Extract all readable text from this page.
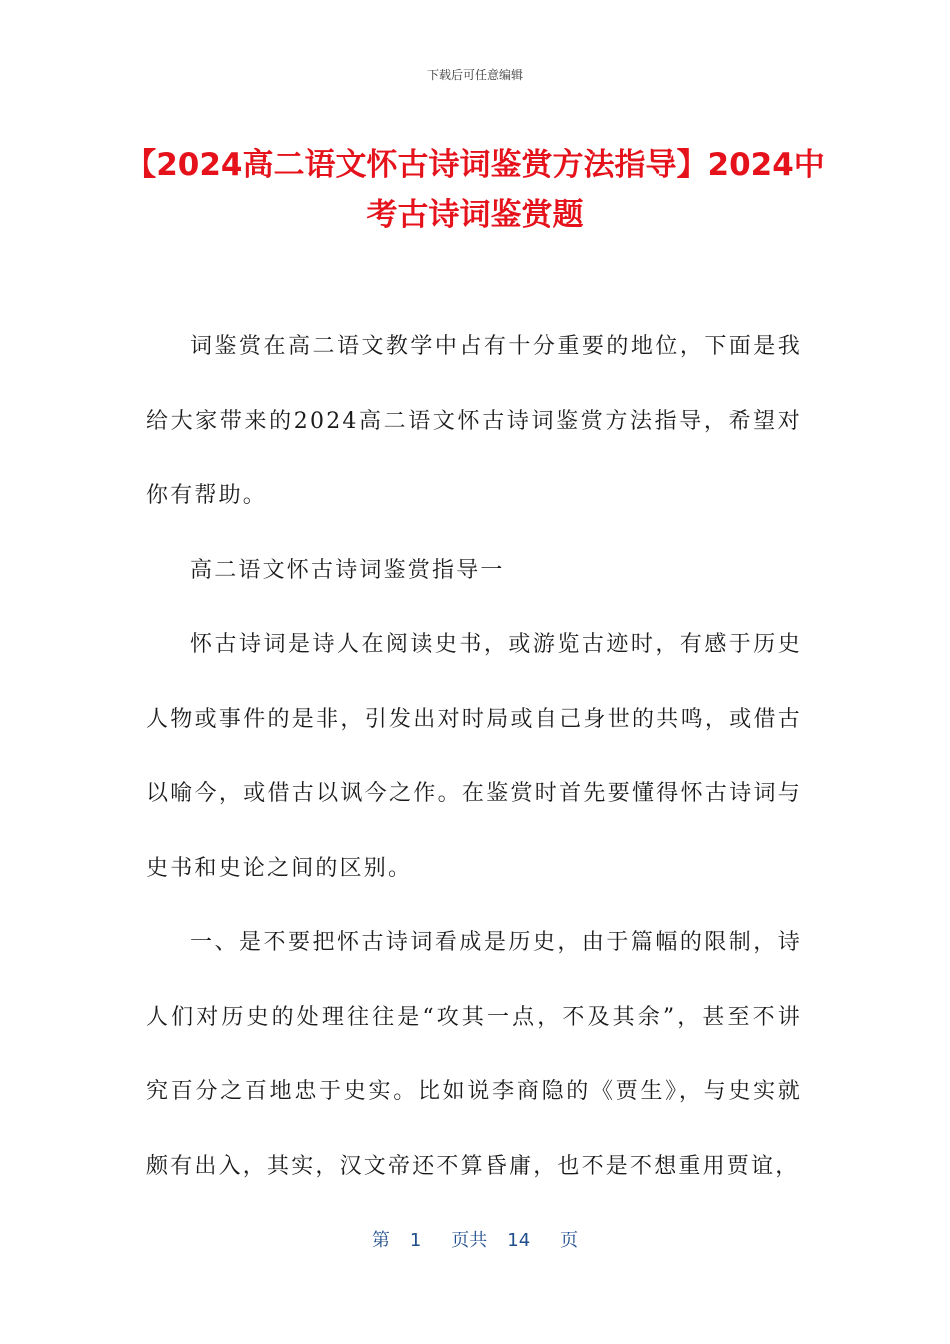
下载后可任意编辑
【2024高二语文怀古诗词鉴赏方法指导】2024中考古诗词鉴赏题

词鉴赏在高二语文教学中占有十分重要的地位，下面是我给大家带来的2024高二语文怀古诗词鉴赏方法指导，希望对你有帮助。

高二语文怀古诗词鉴赏指导一

怀古诗词是诗人在阅读史书，或游览古迹时，有感于历史人物或事件的是非，引发出对时局或自己身世的共鸣，或借古以喻今，或借古以讽今之作。在鉴赏时首先要懂得怀古诗词与史书和史论之间的区别。

一、是不要把怀古诗词看成是历史，由于篇幅的限制，诗人们对历史的处理往往是“攻其一点，不及其余”，甚至不讲究百分之百地忠于史实。比如说李商隐的《贾生》，与史实就颇有出入，其实，汉文帝还不算昏庸，也不是不想重用贾谊，

第 1 页共 14 页
